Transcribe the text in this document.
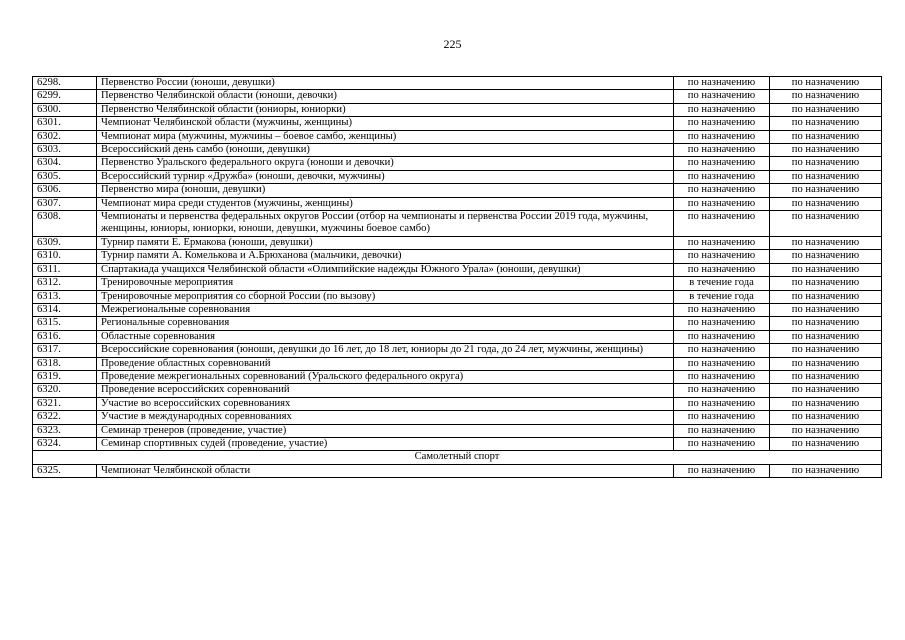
225
6298.	Первенство России (юноши, девушки)	по назначению	по назначению
6299.	Первенство Челябинской области (юноши, девочки)	по назначению	по назначению
6300.	Первенство Челябинской области (юниоры, юниорки)	по назначению	по назначению
6301.	Чемпионат Челябинской области (мужчины, женщины)	по назначению	по назначению
6302.	Чемпионат мира (мужчины, мужчины – боевое самбо, женщины)	по назначению	по назначению
6303.	Всероссийский день самбо (юноши, девушки)	по назначению	по назначению
6304.	Первенство Уральского федерального округа (юноши и девочки)	по назначению	по назначению
6305.	Всероссийский турнир «Дружба» (юноши, девочки, мужчины)	по назначению	по назначению
6306.	Первенство мира (юноши, девушки)	по назначению	по назначению
6307.	Чемпионат мира среди студентов (мужчины, женщины)	по назначению	по назначению
6308.	Чемпионаты и первенства федеральных округов России (отбор на чемпионаты и первенства России 2019 года, мужчины, женщины, юниоры, юниорки, юноши, девушки, мужчины боевое самбо)	по назначению	по назначению
6309.	Турнир памяти Е. Ермакова (юноши, девушки)	по назначению	по назначению
6310.	Турнир памяти А. Комелькова и А.Брюханова (мальчики, девочки)	по назначению	по назначению
6311.	Спартакиада учащихся Челябинской области «Олимпийские надежды Южного Урала» (юноши, девушки)	по назначению	по назначению
6312.	Тренировочные мероприятия	в течение года	по назначению
6313.	Тренировочные мероприятия со сборной России (по вызову)	в течение года	по назначению
6314.	Межрегиональные соревнования	по назначению	по назначению
6315.	Региональные соревнования	по назначению	по назначению
6316.	Областные соревнования	по назначению	по назначению
6317.	Всероссийские соревнования (юноши, девушки до 16 лет, до 18 лет, юниоры до 21 года, до 24 лет, мужчины, женщины)	по назначению	по назначению
6318.	Проведение областных соревнований	по назначению	по назначению
6319.	Проведение межрегиональных соревнований (Уральского федерального округа)	по назначению	по назначению
6320.	Проведение всероссийских соревнований	по назначению	по назначению
6321.	Участие во всероссийских соревнованиях	по назначению	по назначению
6322.	Участие в международных соревнованиях	по назначению	по назначению
6323.	Семинар тренеров (проведение, участие)	по назначению	по назначению
6324.	Семинар спортивных судей (проведение, участие)	по назначению	по назначению
Самолетный спорт			
6325.	Чемпионат Челябинской области	по назначению	по назначению
